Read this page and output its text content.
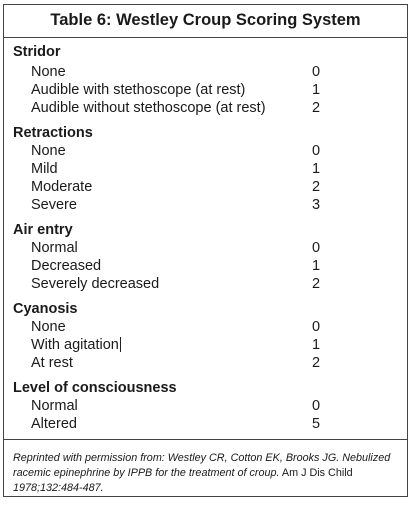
Table 6: Westley Croup Scoring System
Stridor
None	0
Audible with stethoscope (at rest)	1
Audible without stethoscope (at rest)	2
Retractions
None	0
Mild	1
Moderate	2
Severe	3
Air entry
Normal	0
Decreased	1
Severely decreased	2
Cyanosis
None	0
With agitation	1
At rest	2
Level of consciousness
Normal	0
Altered	5
Reprinted with permission from: Westley CR, Cotton EK, Brooks JG. Nebulized racemic epinephrine by IPPB for the treatment of croup. Am J Dis Child 1978;132:484-487.
